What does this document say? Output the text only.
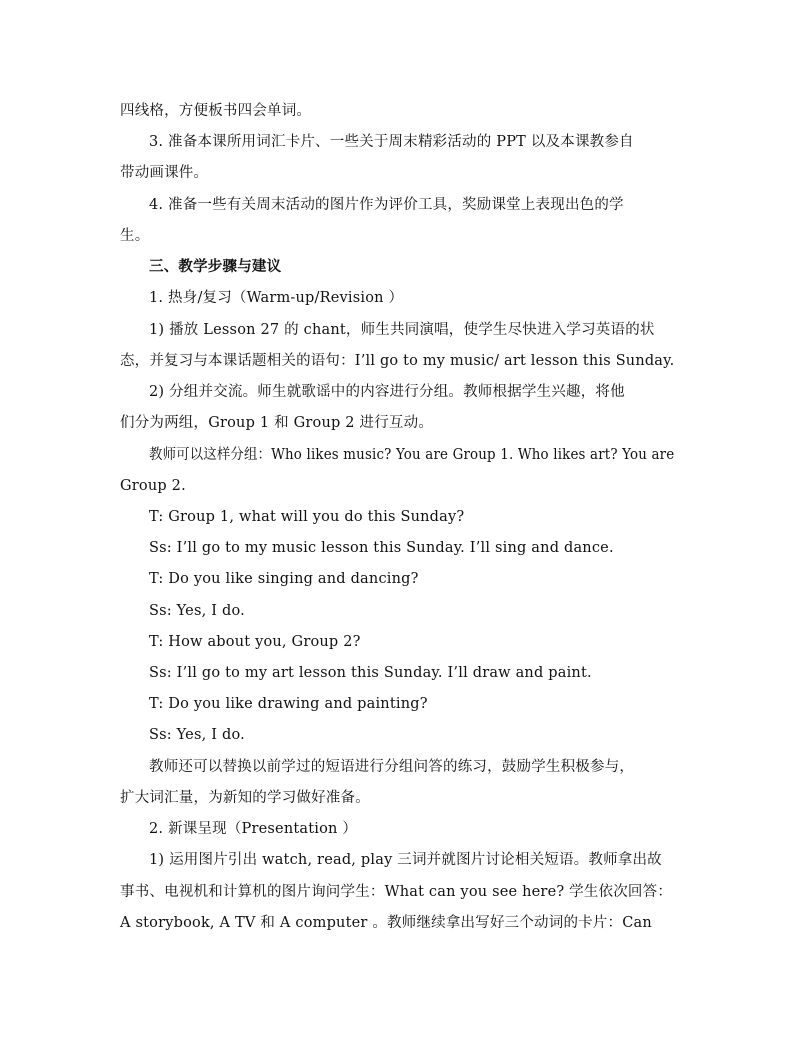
四线格，方便板书四会单词。
3. 准备本课所用词汇卡片、一些关于周末精彩活动的 PPT 以及本课教参自
带动画课件。
4. 准备一些有关周末活动的图片作为评价工具，奖励课堂上表现出色的学
生。
三、教学步骤与建议
1. 热身/复习（Warm-up/Revision ）
1) 播放 Lesson 27 的 chant，师生共同演唱，使学生尽快进入学习英语的状
态，并复习与本课话题相关的语句：I’ll go to my music/ art lesson this Sunday.
2) 分组并交流。师生就歌谣中的内容进行分组。教师根据学生兴趣，将他
们分为两组，Group 1 和 Group 2 进行互动。
教师可以这样分组：Who likes music? You are Group 1. Who likes art? You are
Group 2.
T: Group 1, what will you do this Sunday?
Ss: I’ll go to my music lesson this Sunday. I’ll sing and dance.
T: Do you like singing and dancing?
Ss: Yes, I do.
T: How about you, Group 2?
Ss: I’ll go to my art lesson this Sunday. I’ll draw and paint.
T: Do you like drawing and painting?
Ss: Yes, I do.
教师还可以替换以前学过的短语进行分组问答的练习，鼓励学生积极参与，
扩大词汇量，为新知的学习做好准备。
2. 新课呈现（Presentation ）
1) 运用图片引出 watch, read, play 三词并就图片讨论相关短语。教师拿出故
事书、电视机和计算机的图片询问学生：What can you see here? 学生依次回答：
A storybook, A TV 和 A computer 。教师继续拿出写好三个动词的卡片：Can
